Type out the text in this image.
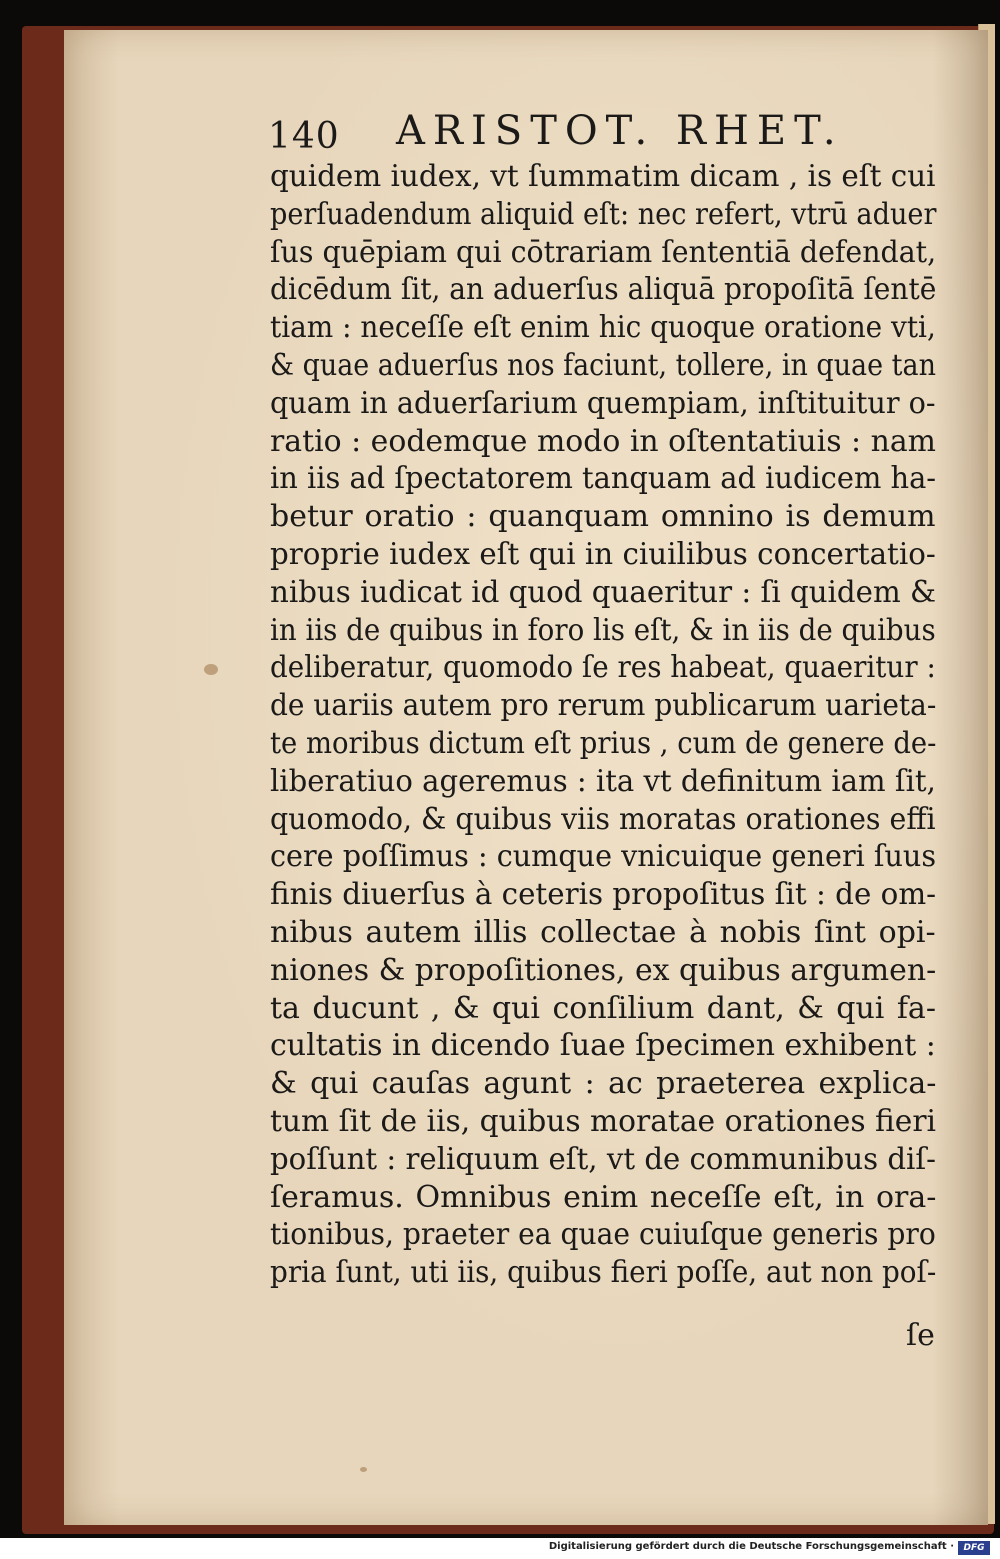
140 ARISTOT. RHET.
quidem iudex, vt ſummatim dicam , is eſt cui
perſuadendum aliquid eſt: nec refert, vtrū aduer
ſus quēpiam qui cōtrariam ſententiā defendat,
dicēdum ſit, an aduerſus aliquā propoſitā ſentē
tiam : neceſſe eſt enim hic quoque oratione vti,
& quae aduerſus nos faciunt, tollere, in quae tan
quam in aduerſarium quempiam, inſtituitur o-
ratio : eodemque modo in oſtentatiuis : nam
in iis ad ſpectatorem tanquam ad iudicem ha-
betur oratio : quanquam omnino is demum
proprie iudex eſt qui in ciuilibus concertatio-
nibus iudicat id quod quaeritur : ſi quidem &
in iis de quibus in foro lis eſt, & in iis de quibus
deliberatur, quomodo ſe res habeat, quaeritur :
de uariis autem pro rerum publicarum uarieta-
te moribus dictum eſt prius , cum de genere de-
liberatiuo ageremus : ita vt definitum iam ſit,
quomodo, & quibus viis moratas orationes effi
cere poſſimus : cumque vnicuique generi ſuus
finis diuerſus à ceteris propoſitus ſit : de om-
nibus autem illis collectae à nobis ſint opi-
niones & propoſitiones, ex quibus argumen-
ta ducunt , & qui conſilium dant, & qui fa-
cultatis in dicendo ſuae ſpecimen exhibent :
& qui cauſas agunt : ac praeterea explica-
tum ſit de iis, quibus moratae orationes fieri
poſſunt : reliquum eſt, vt de communibus diſ-
ſeramus. Omnibus enim neceſſe eſt, in ora-
tionibus, praeter ea quae cuiuſque generis pro
pria ſunt, uti iis, quibus fieri poſſe, aut non poſ-
ſe
Digitalisierung gefördert durch die Deutsche Forschungsgemeinschaft ·	DFG
